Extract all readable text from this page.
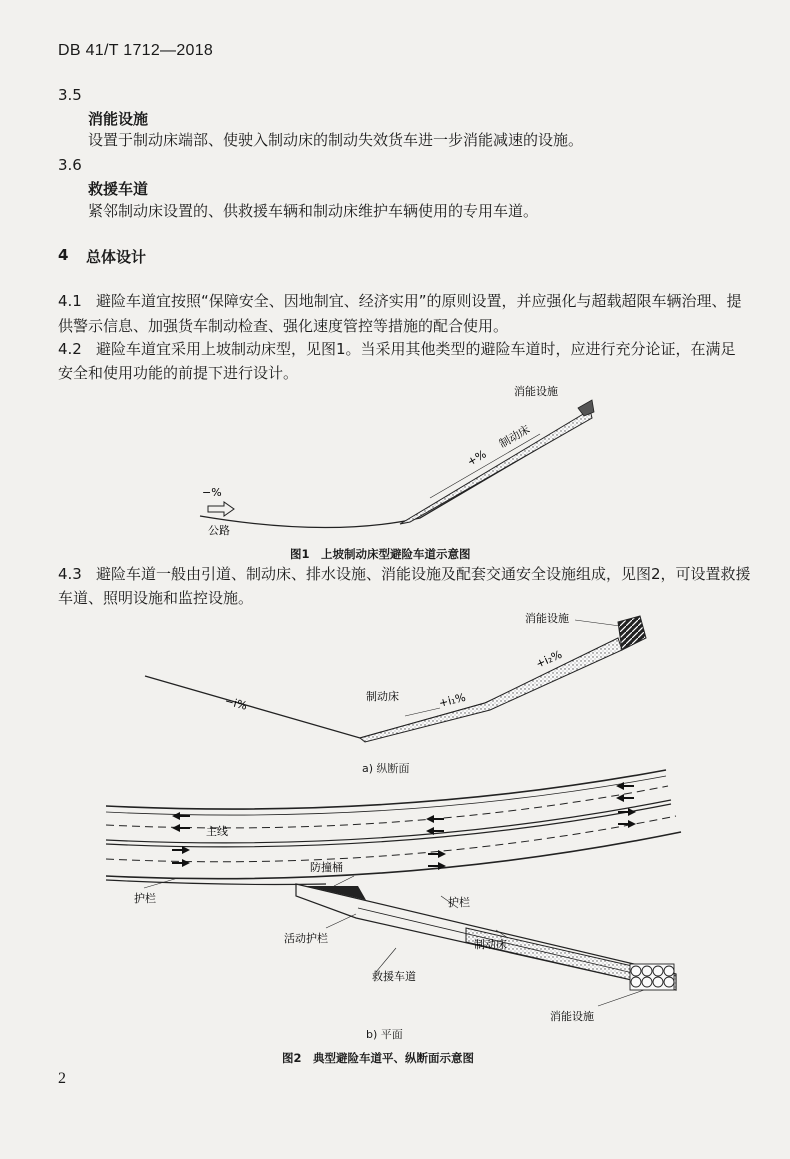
DB 41/T 1712—2018
3.5
消能设施
设置于制动床端部、使驶入制动床的制动失效货车进一步消能减速的设施。
3.6
救援车道
紧邻制动床设置的、供救援车辆和制动床维护车辆使用的专用车道。
4 总体设计
4.1 避险车道宜按照“保障安全、因地制宜、经济实用”的原则设置，并应强化与超载超限车辆治理、提
供警示信息、加强货车制动检查、强化速度管控等措施的配合使用。
4.2 避险车道宜采用上坡制动床型，见图1。当采用其他类型的避险车道时，应进行充分论证，在满足
安全和使用功能的前提下进行设计。
消能设施
+%
制动床
−%
公路
图1　上坡制动床型避险车道示意图
4.3 避险车道一般由引道、制动床、排水设施、消能设施及配套交通安全设施组成，见图2，可设置救援
车道、照明设施和监控设施。
消能设施
−i%	制动床	+i₁%
+i₂%
a) 纵断面
主线
防撞桶
护栏	护栏
活动护栏	制动床
救援车道
消能设施
b) 平面
图2　典型避险车道平、纵断面示意图
2
